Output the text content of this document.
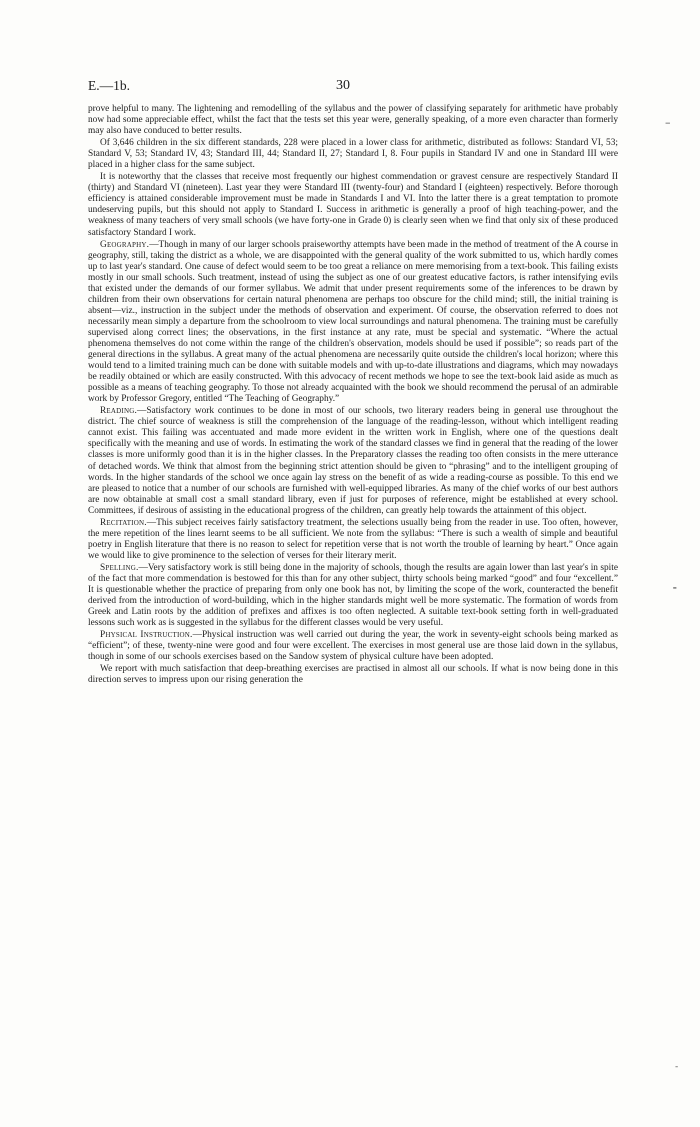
E.—1b.	30

prove helpful to many. The lightening and remodelling of the syllabus and the power of classifying separately for arithmetic have probably now had some appreciable effect, whilst the fact that the tests set this year were, generally speaking, of a more even character than formerly may also have conduced to better results.

Of 3,646 children in the six different standards, 228 were placed in a lower class for arithmetic, distributed as follows: Standard VI, 53; Standard V, 53; Standard IV, 43; Standard III, 44; Standard II, 27; Standard I, 8. Four pupils in Standard IV and one in Standard III were placed in a higher class for the same subject.

It is noteworthy that the classes that receive most frequently our highest commendation or gravest censure are respectively Standard II (thirty) and Standard VI (nineteen). Last year they were Standard III (twenty-four) and Standard I (eighteen) respectively. Before thorough efficiency is attained considerable improvement must be made in Standards I and VI. Into the latter there is a great temptation to promote undeserving pupils, but this should not apply to Standard I. Success in arithmetic is generally a proof of high teaching-power, and the weakness of many teachers of very small schools (we have forty-one in Grade 0) is clearly seen when we find that only six of these produced satisfactory Standard I work.

Geography.—Though in many of our larger schools praiseworthy attempts have been made in the method of treatment of the A course in geography, still, taking the district as a whole, we are disappointed with the general quality of the work submitted to us, which hardly comes up to last year's standard. One cause of defect would seem to be too great a reliance on mere memorising from a text-book. This failing exists mostly in our small schools. Such treatment, instead of using the subject as one of our greatest educative factors, is rather intensifying evils that existed under the demands of our former syllabus. We admit that under present requirements some of the inferences to be drawn by children from their own observations for certain natural phenomena are perhaps too obscure for the child mind; still, the initial training is absent—viz., instruction in the subject under the methods of observation and experiment. Of course, the observation referred to does not necessarily mean simply a departure from the schoolroom to view local surroundings and natural phenomena. The training must be carefully supervised along correct lines; the observations, in the first instance at any rate, must be special and systematic. “Where the actual phenomena themselves do not come within the range of the children's observation, models should be used if possible”; so reads part of the general directions in the syllabus. A great many of the actual phenomena are necessarily quite outside the children's local horizon; where this would tend to a limited training much can be done with suitable models and with up-to-date illustrations and diagrams, which may nowadays be readily obtained or which are easily constructed. With this advocacy of recent methods we hope to see the text-book laid aside as much as possible as a means of teaching geography. To those not already acquainted with the book we should recommend the perusal of an admirable work by Professor Gregory, entitled “The Teaching of Geography.”

Reading.—Satisfactory work continues to be done in most of our schools, two literary readers being in general use throughout the district. The chief source of weakness is still the comprehension of the language of the reading-lesson, without which intelligent reading cannot exist. This failing was accentuated and made more evident in the written work in English, where one of the questions dealt specifically with the meaning and use of words. In estimating the work of the standard classes we find in general that the reading of the lower classes is more uniformly good than it is in the higher classes. In the Preparatory classes the reading too often consists in the mere utterance of detached words. We think that almost from the beginning strict attention should be given to “phrasing” and to the intelligent grouping of words. In the higher standards of the school we once again lay stress on the benefit of as wide a reading-course as possible. To this end we are pleased to notice that a number of our schools are furnished with well-equipped libraries. As many of the chief works of our best authors are now obtainable at small cost a small standard library, even if just for purposes of reference, might be established at every school. Committees, if desirous of assisting in the educational progress of the children, can greatly help towards the attainment of this object.

Recitation.—This subject receives fairly satisfactory treatment, the selections usually being from the reader in use. Too often, however, the mere repetition of the lines learnt seems to be all sufficient. We note from the syllabus: “There is such a wealth of simple and beautiful poetry in English literature that there is no reason to select for repetition verse that is not worth the trouble of learning by heart.” Once again we would like to give prominence to the selection of verses for their literary merit.

Spelling.—Very satisfactory work is still being done in the majority of schools, though the results are again lower than last year's in spite of the fact that more commendation is bestowed for this than for any other subject, thirty schools being marked “good” and four “excellent.” It is questionable whether the practice of preparing from only one book has not, by limiting the scope of the work, counteracted the benefit derived from the introduction of word-building, which in the higher standards might well be more systematic. The formation of words from Greek and Latin roots by the addition of prefixes and affixes is too often neglected. A suitable text-book setting forth in well-graduated lessons such work as is suggested in the syllabus for the different classes would be very useful.

Physical Instruction.—Physical instruction was well carried out during the year, the work in seventy-eight schools being marked as “efficient”; of these, twenty-nine were good and four were excellent. The exercises in most general use are those laid down in the syllabus, though in some of our schools exercises based on the Sandow system of physical culture have been adopted.

We report with much satisfaction that deep-breathing exercises are practised in almost all our schools. If what is now being done in this direction serves to impress upon our rising generation the

–
⁃
‐
